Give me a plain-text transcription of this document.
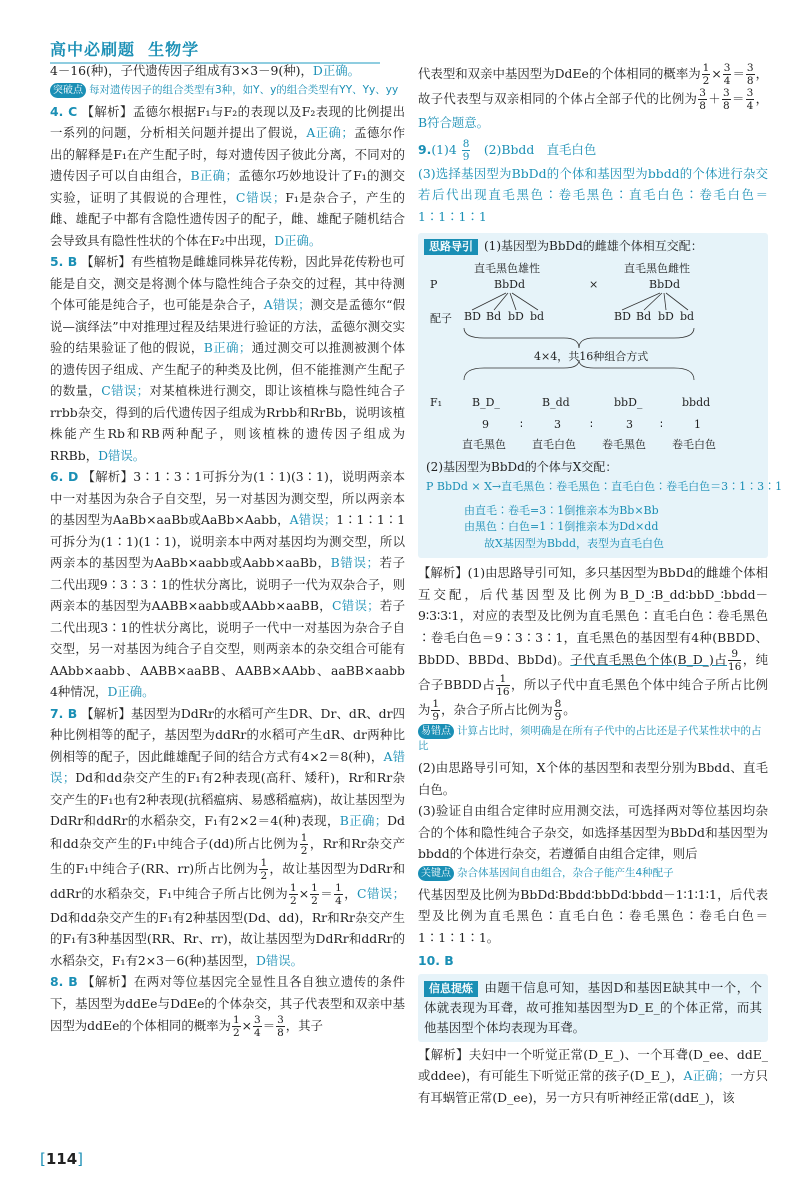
高中必刷题 生物学

4－16(种)，子代遗传因子组成有3×3－9(种)，D正确。

突破点 每对遗传因子的组合类型有3种，如Y、y的组合类型有YY、Yy、yy

4. C 【解析】孟德尔根据F₁与F₂的表现以及F₂表现的比例提出一系列的问题，分析相关问题并提出了假说，A正确；孟德尔作出的解释是F₁在产生配子时，每对遗传因子彼此分离，不同对的遗传因子可以自由组合，B正确；孟德尔巧妙地设计了F₁的测交实验，证明了其假说的合理性，C错误；F₁是杂合子，产生的雌、雄配子中都有含隐性遗传因子的配子，雌、雄配子随机结合会导致具有隐性性状的个体在F₂中出现，D正确。

5. B 【解析】有些植物是雌雄同株异花传粉，因此异花传粉也可能是自交，测交是将测个体与隐性纯合子杂交的过程，其中待测个体可能是纯合子，也可能是杂合子，A错误；测交是孟德尔“假说—演绎法”中对推理过程及结果进行验证的方法，孟德尔测交实验的结果验证了他的假说，B正确；通过测交可以推测被测个体的遗传因子组成、产生配子的种类及比例，但不能推测产生配子的数量，C错误；对某植株进行测交，即让该植株与隐性纯合子rrbb杂交，得到的后代遗传因子组成为Rrbb和RrBb，说明该植株能产生Rb和RB两种配子，则该植株的遗传因子组成为RRBb，D错误。

6. D 【解析】3∶1∶3∶1可拆分为(1∶1)(3∶1)，说明两亲本中一对基因为杂合子自交型，另一对基因为测交型，所以两亲本的基因型为AaBb×aaBb或AaBb×Aabb，A错误；1∶1∶1∶1可拆分为(1∶1)(1∶1)，说明亲本中两对基因均为测交型，所以两亲本的基因型为AaBb×aabb或Aabb×aaBb，B错误；若子二代出现9∶3∶3∶1的性状分离比，说明子一代为双杂合子，则两亲本的基因型为AABB×aabb或AAbb×aaBB，C错误；若子二代出现3∶1的性状分离比，说明子一代中一对基因为杂合子自交型，另一对基因为纯合子自交型，则两亲本的杂交组合可能有AAbb×aabb、AABB×aaBB、AABB×AAbb、aaBB×aabb 4种情况，D正确。

7. B 【解析】基因型为DdRr的水稻可产生DR、Dr、dR、dr四种比例相等的配子，基因型为ddRr的水稻可产生dR、dr两种比例相等的配子，因此雌雄配子间的结合方式有4×2＝8(种)，A错误；Dd和dd杂交产生的F₁有2种表现(高秆、矮秆)，Rr和Rr杂交产生的F₁也有2种表现(抗稻瘟病、易感稻瘟病)，故让基因型为DdRr和ddRr的水稻杂交，F₁有2×2＝4(种)表现，B正确；Dd和dd杂交产生的F₁中纯合子(dd)所占比例为 $\frac{1}{2}$ ，Rr和Rr杂交产生的F₁中纯合子(RR、rr)所占比例为 $\frac{1}{2}$ ，故让基因型为DdRr和ddRr的水稻杂交，F₁中纯合子所占比例为 $\frac{1}{2} \times \frac{1}{2} = \frac{1}{4}$ ，C错误；Dd和dd杂交产生的F₁有2种基因型(Dd、dd)，Rr和Rr杂交产生的F₁有3种基因型(RR、Rr、rr)，故让基因型为DdRr和ddRr的水稻杂交，F₁有2×3－6(种)基因型，D错误。

8. B 【解析】在两对等位基因完全显性且各自独立遗传的条件下，基因型为ddEe与DdEe的个体杂交，其子代表型和双亲中基因型为ddEe的个体相同的概率为 $\frac{1}{2} \times \frac{3}{4} = \frac{3}{8}$ ，其子

[114]

代表型和双亲中基因型为DdEe的个体相同的概率为 $\frac{1}{2} \times \frac{3}{4} = \frac{3}{8}$ ，故子代表型与双亲相同的个体占全部子代的比例为 $\frac{3}{8} + \frac{3}{8} = \frac{3}{4}$ ，B符合题意。

$9.(1)4 \frac{8}{9}$
　 (2)Bbdd　直毛白色

(3)选择基因型为BbDd的个体和基因型为bbdd的个体进行杂交　若后代出现直毛黑色∶卷毛黑色∶直毛白色∶卷毛白色＝1∶1∶1∶1

思路导引 (1)基因型为BbDd的雌雄个体相互交配：
直毛黑色雄性	直毛黑色雌性
P	BbDd	×	BbDd
配子 BD Bd bD bd	BD Bd bD bd
4×4，共16种组合方式
F₁	B_D_	B_dd	bbD_	bbdd
9	∶	3	∶	3 ∶	1
直毛黑色 直毛白色 卷毛黑色 卷毛白色
(2)基因型为BbDd的个体与X交配：
P BbDd × X→直毛黑色∶卷毛黑色∶直毛白色∶卷毛白色＝3∶1∶3∶1
由直毛∶卷毛=3∶1倒推亲本为Bb×Bb
由黑色∶白色=1∶1倒推亲本为Dd×dd
故X基因型为Bbdd，表型为直毛白色

【解析】(1)由思路导引可知，多只基因型为BbDd的雌雄个体相互交配，后代基因型及比例为B_D_∶B_dd∶bbD_∶bbdd－9∶3∶3∶1，对应的表型及比例为直毛黑色∶直毛白色∶卷毛黑色∶卷毛白色＝9∶3∶3∶1，直毛黑色的基因型有4种(BBDD、BbDD、BBDd、BbDd)。子代直毛黑色个体(B_D_)占 $\frac{9}{16}$ ，纯合子BBDD占 $\frac{1}{16}$ ，所以子代中直毛黑色个体中纯合子所占比例为 $\frac{1}{9}$ ，杂合子所占比例为 $\frac{8}{9}$ 。

易错点 计算占比时，须明确是在所有子代中的占比还是子代某性状中的占比

(2)由思路导引可知，X个体的基因型和表型分别为Bbdd、直毛白色。

(3)验证自由组合定律时应用测交法，可选择两对等位基因均杂合的个体和隐性纯合子杂交，如选择基因型为BbDd和基因型为bbdd的个体进行杂交，若遵循自由组合定律，则后

关键点 杂合体基因间自由组合，杂合子能产生4种配子

代基因型及比例为BbDd∶Bbdd∶bbDd∶bbdd－1∶1∶1∶1，后代表型及比例为直毛黑色∶直毛白色∶卷毛黑色∶卷毛白色＝1∶1∶1∶1。

10. B

信息提炼 由题干信息可知，基因D和基因E缺其中一个，个体就表现为耳聋，故可推知基因型为D_E_的个体正常，而其他基因型个体均表现为耳聋。

【解析】夫妇中一个听觉正常(D_E_)、一个耳聋(D_ee、ddE_或ddee)，有可能生下听觉正常的孩子(D_E_)，A正确；一方只有耳蜗管正常(D_ee)，另一方只有听神经正常(ddE_)，该
